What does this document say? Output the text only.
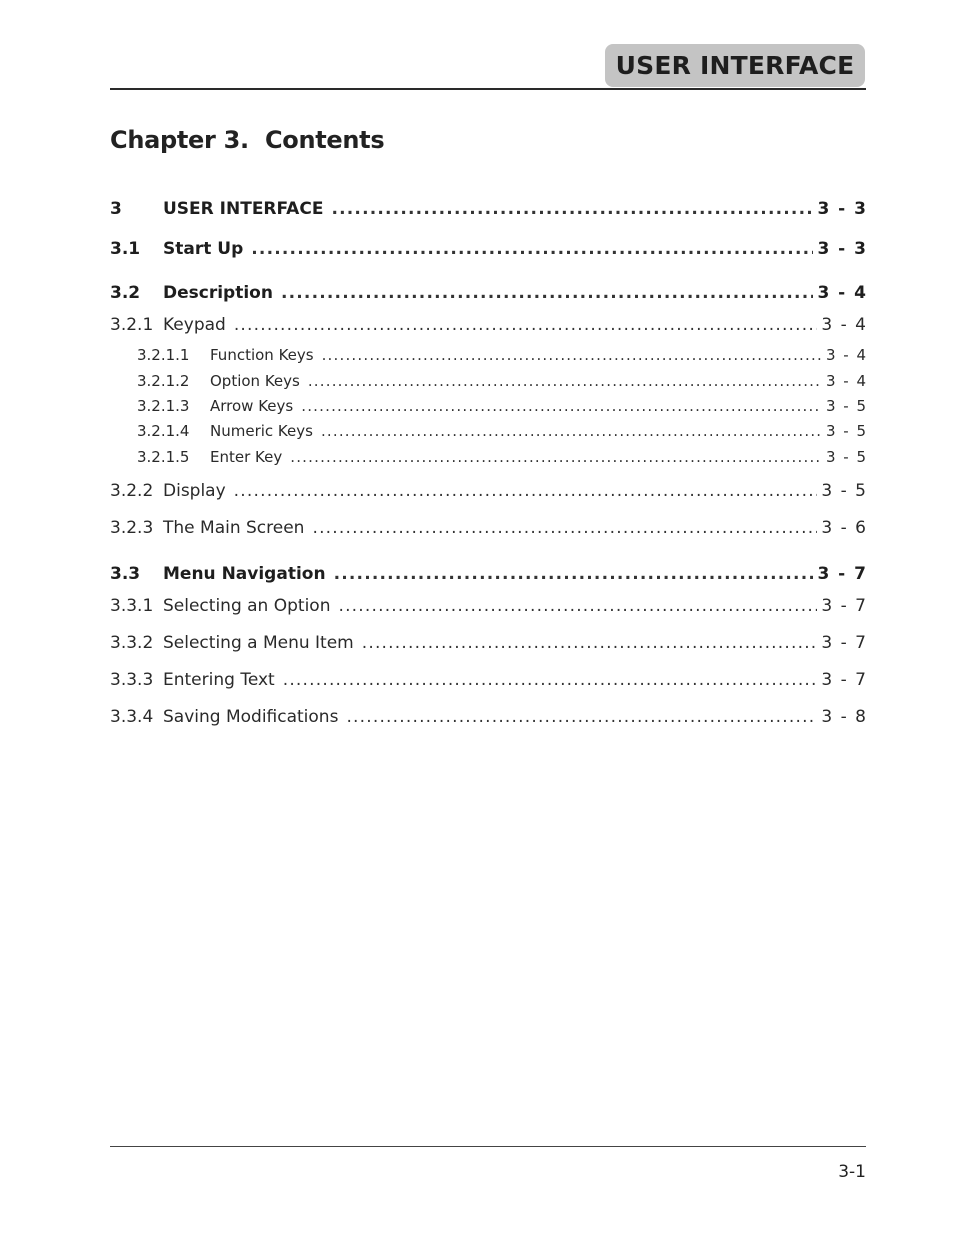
USER INTERFACE
Chapter 3.  Contents
3	USER INTERFACE .....	3 - 3
3.1	Start Up .....	3 - 3
3.2	Description .....	3 - 4
3.2.1 Keypad .....	3 - 4
3.2.1.1	Function Keys .....	3 - 4
3.2.1.2	Option Keys .....	3 - 4
3.2.1.3	Arrow Keys .....	3 - 5
3.2.1.4	Numeric Keys .....	3 - 5
3.2.1.5	Enter Key .....	3 - 5
3.2.2 Display .....	3 - 5
3.2.3 The Main Screen .....	3 - 6
3.3	Menu Navigation .....	3 - 7
3.3.1 Selecting an Option .....	3 - 7
3.3.2 Selecting a Menu Item .....	3 - 7
3.3.3 Entering Text .....	3 - 7
3.3.4 Saving Modifications .....	3 - 8
3-1
